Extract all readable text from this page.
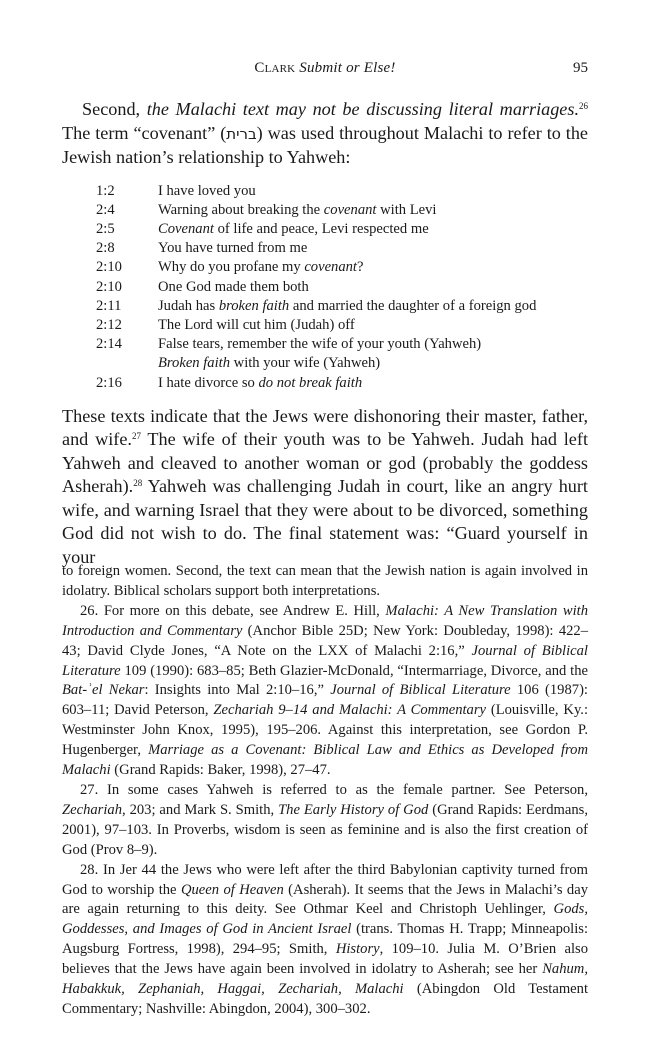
Clark Submit or Else!	95

Second, the Malachi text may not be discussing literal marriages.$^{26}$ The term “covenant” (ברית) was used throughout Malachi to refer to the Jewish nation’s relationship to Yahweh:

1:2	I have loved you
2:4	Warning about breaking the covenant with Levi
2:5	Covenant of life and peace, Levi respected me
2:8	You have turned from me
2:10	Why do you profane my covenant?
2:10	One God made them both
2:11	Judah has broken faith and married the daughter of a foreign god
2:12	The Lord will cut him (Judah) off
2:14	False tears, remember the wife of your youth (Yahweh)
Broken faith with your wife (Yahweh)
2:16	I hate divorce so do not break faith

These texts indicate that the Jews were dishonoring their master, father, and wife.$^{27}$ The wife of their youth was to be Yahweh. Judah had left Yahweh and cleaved to another woman or god (probably the goddess Asherah).$^{28}$ Yahweh was challenging Judah in court, like an angry hurt wife, and warning Israel that they were about to be divorced, something God did not wish to do. The final statement was: “Guard yourself in your

to foreign women. Second, the text can mean that the Jewish nation is again involved in idolatry. Biblical scholars support both interpretations.

26. For more on this debate, see Andrew E. Hill, Malachi: A New Translation with Introduction and Commentary (Anchor Bible 25D; New York: Doubleday, 1998): 422–43; David Clyde Jones, “A Note on the LXX of Malachi 2:16,” Journal of Biblical Literature 109 (1990): 683–85; Beth Glazier-McDonald, “Intermarriage, Divorce, and the Bat-ʾel Nekar: Insights into Mal 2:10–16,” Journal of Biblical Literature 106 (1987): 603–11; David Peterson, Zechariah 9–14 and Malachi: A Commentary (Louisville, Ky.: Westminster John Knox, 1995), 195–206. Against this interpretation, see Gordon P. Hugenberger, Marriage as a Covenant: Biblical Law and Ethics as Developed from Malachi (Grand Rapids: Baker, 1998), 27–47.

27. In some cases Yahweh is referred to as the female partner. See Peterson, Zechariah, 203; and Mark S. Smith, The Early History of God (Grand Rapids: Eerdmans, 2001), 97–103. In Proverbs, wisdom is seen as feminine and is also the first creation of God (Prov 8–9).

28. In Jer 44 the Jews who were left after the third Babylonian captivity turned from God to worship the Queen of Heaven (Asherah). It seems that the Jews in Malachi’s day are again returning to this deity. See Othmar Keel and Christoph Uehlinger, Gods, Goddesses, and Images of God in Ancient Israel (trans. Thomas H. Trapp; Minneapolis: Augsburg Fortress, 1998), 294–95; Smith, History, 109–10. Julia M. O’Brien also believes that the Jews have again been involved in idolatry to Asherah; see her Nahum, Habakkuk, Zephaniah, Haggai, Zechariah, Malachi (Abingdon Old Testament Commentary; Nashville: Abingdon, 2004), 300–302.
